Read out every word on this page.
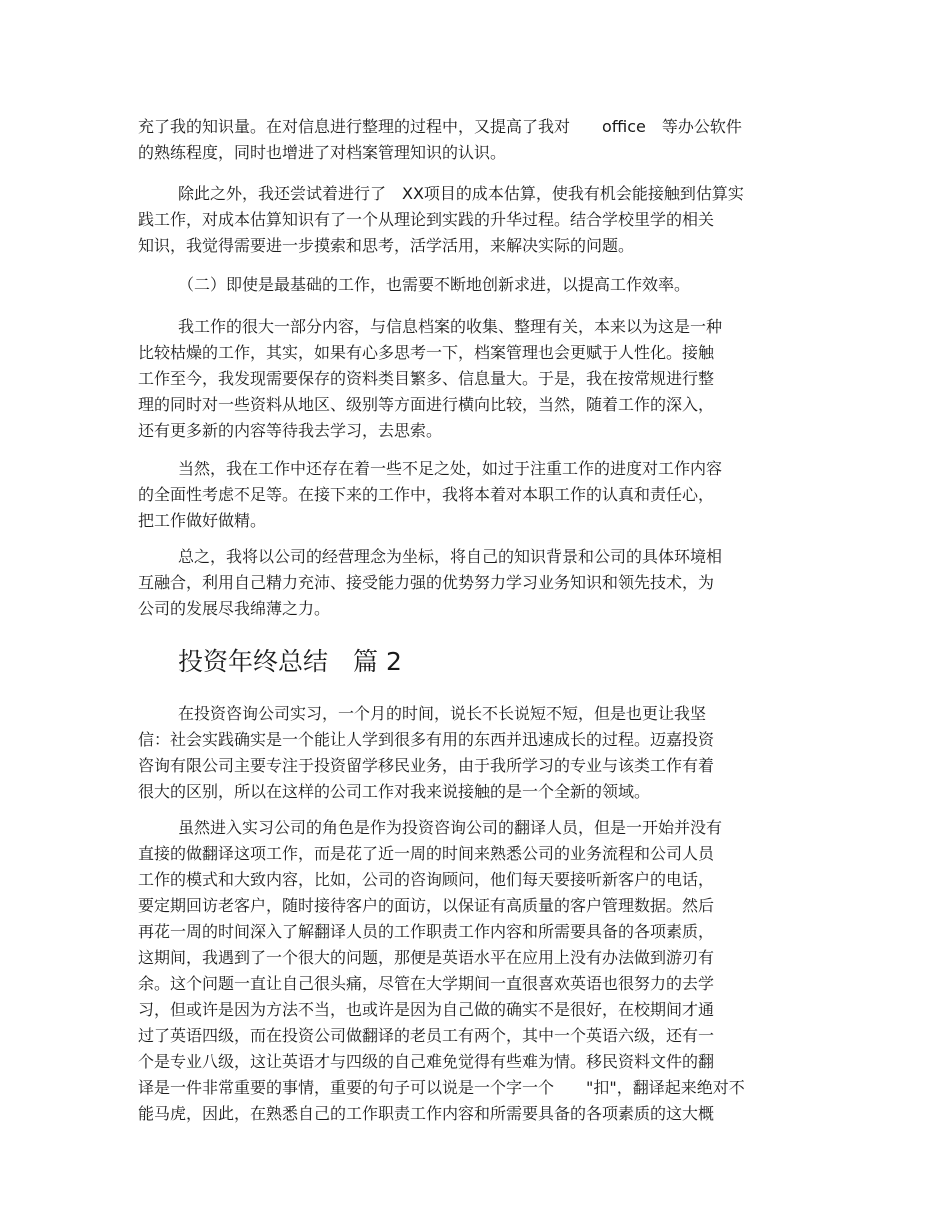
充了我的知识量。在对信息进行整理的过程中，又提高了我对　　office　等办公软件
的熟练程度，同时也增进了对档案管理知识的认识。
除此之外，我还尝试着进行了　XX项目的成本估算，使我有机会能接触到估算实
践工作，对成本估算知识有了一个从理论到实践的升华过程。结合学校里学的相关
知识，我觉得需要进一步摸索和思考，活学活用，来解决实际的问题。
（二）即使是最基础的工作，也需要不断地创新求进，以提高工作效率。
我工作的很大一部分内容，与信息档案的收集、整理有关，本来以为这是一种
比较枯燥的工作，其实，如果有心多思考一下，档案管理也会更赋于人性化。接触
工作至今，我发现需要保存的资料类目繁多、信息量大。于是，我在按常规进行整
理的同时对一些资料从地区、级别等方面进行横向比较，当然，随着工作的深入，
还有更多新的内容等待我去学习，去思索。
当然，我在工作中还存在着一些不足之处，如过于注重工作的进度对工作内容
的全面性考虑不足等。在接下来的工作中，我将本着对本职工作的认真和责任心，
把工作做好做精。
总之，我将以公司的经营理念为坐标，将自己的知识背景和公司的具体环境相
互融合，利用自己精力充沛、接受能力强的优势努力学习业务知识和领先技术，为
公司的发展尽我绵薄之力。
投资年终总结　篇 2
在投资咨询公司实习，一个月的时间，说长不长说短不短，但是也更让我坚
信：社会实践确实是一个能让人学到很多有用的东西并迅速成长的过程。迈嘉投资
咨询有限公司主要专注于投资留学移民业务，由于我所学习的专业与该类工作有着
很大的区别，所以在这样的公司工作对我来说接触的是一个全新的领域。
虽然进入实习公司的角色是作为投资咨询公司的翻译人员，但是一开始并没有
直接的做翻译这项工作，而是花了近一周的时间来熟悉公司的业务流程和公司人员
工作的模式和大致内容，比如，公司的咨询顾问，他们每天要接听新客户的电话，
要定期回访老客户，随时接待客户的面访，以保证有高质量的客户管理数据。然后
再花一周的时间深入了解翻译人员的工作职责工作内容和所需要具备的各项素质，
这期间，我遇到了一个很大的问题，那便是英语水平在应用上没有办法做到游刃有
余。这个问题一直让自己很头痛，尽管在大学期间一直很喜欢英语也很努力的去学
习，但或许是因为方法不当，也或许是因为自己做的确实不是很好，在校期间才通
过了英语四级，而在投资公司做翻译的老员工有两个，其中一个英语六级，还有一
个是专业八级，这让英语才与四级的自己难免觉得有些难为情。移民资料文件的翻
译是一件非常重要的事情，重要的句子可以说是一个字一个　　"扣"，翻译起来绝对不
能马虎，因此，在熟悉自己的工作职责工作内容和所需要具备的各项素质的这大概
